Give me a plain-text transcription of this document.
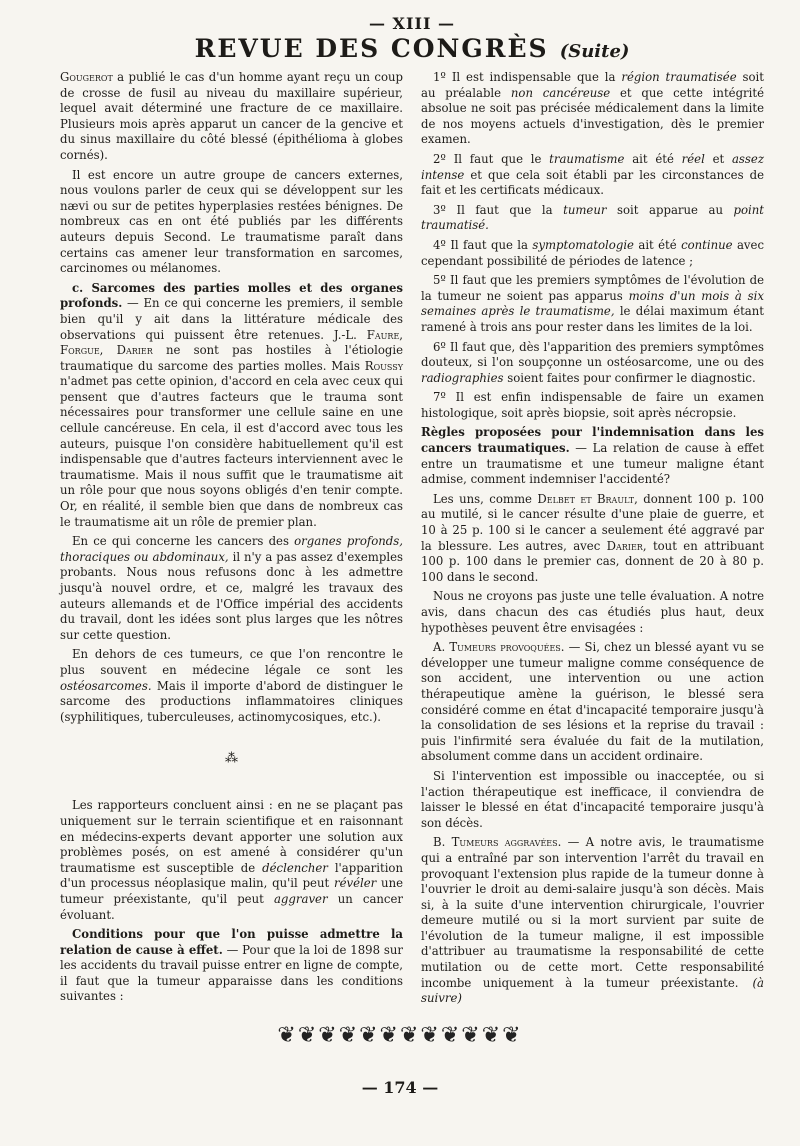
— XIII —
REVUE DES CONGRÈS (Suite)

Gougerot a publié le cas d'un homme ayant reçu un coup de crosse de fusil au niveau du maxillaire supérieur, lequel avait déterminé une fracture de ce maxillaire. Plusieurs mois après apparut un cancer de la gencive et du sinus maxillaire du côté blessé (épithélioma à globes cornés).

Il est encore un autre groupe de cancers externes, nous voulons parler de ceux qui se développent sur les nævi ou sur de petites hyperplasies restées bénignes. De nombreux cas en ont été publiés par les différents auteurs depuis Second. Le traumatisme paraît dans certains cas amener leur transformation en sarcomes, carcinomes ou mélanomes.

c. Sarcomes des parties molles et des organes profonds. — En ce qui concerne les premiers, il semble bien qu'il y ait dans la littérature médicale des observations qui puissent être retenues. J.-L. Faure, Forgue, Darier ne sont pas hostiles à l'étiologie traumatique du sarcome des parties molles. Mais Roussy n'admet pas cette opinion, d'accord en cela avec ceux qui pensent que d'autres facteurs que le trauma sont nécessaires pour transformer une cellule saine en une cellule cancéreuse. En cela, il est d'accord avec tous les auteurs, puisque l'on considère habituellement qu'il est indispensable que d'autres facteurs interviennent avec le traumatisme. Mais il nous suffit que le traumatisme ait un rôle pour que nous soyons obligés d'en tenir compte. Or, en réalité, il semble bien que dans de nombreux cas le traumatisme ait un rôle de premier plan.

En ce qui concerne les cancers des organes profonds, thoraciques ou abdominaux, il n'y a pas assez d'exemples probants. Nous nous refusons donc à les admettre jusqu'à nouvel ordre, et ce, malgré les travaux des auteurs allemands et de l'Office impérial des accidents du travail, dont les idées sont plus larges que les nôtres sur cette question.

En dehors de ces tumeurs, ce que l'on rencontre le plus souvent en médecine légale ce sont les ostéosarcomes. Mais il importe d'abord de distinguer le sarcome des productions inflammatoires cliniques (syphilitiques, tuberculeuses, actinomycosiques, etc.).

⁂

Les rapporteurs concluent ainsi : en ne se plaçant pas uniquement sur le terrain scientifique et en raisonnant en médecins-experts devant apporter une solution aux problèmes posés, on est amené à considérer qu'un traumatisme est susceptible de déclencher l'apparition d'un processus néoplasique malin, qu'il peut révéler une tumeur préexistante, qu'il peut aggraver un cancer évoluant.

Conditions pour que l'on puisse admettre la relation de cause à effet. — Pour que la loi de 1898 sur les accidents du travail puisse entrer en ligne de compte, il faut que la tumeur apparaisse dans les conditions suivantes :

1º Il est indispensable que la région traumatisée soit au préalable non cancéreuse et que cette intégrité absolue ne soit pas précisée médicalement dans la limite de nos moyens actuels d'investigation, dès le premier examen.

2º Il faut que le traumatisme ait été réel et assez intense et que cela soit établi par les circonstances de fait et les certificats médicaux.

3º Il faut que la tumeur soit apparue au point traumatisé.

4º Il faut que la symptomatologie ait été continue avec cependant possibilité de périodes de latence ;

5º Il faut que les premiers symptômes de l'évolution de la tumeur ne soient pas apparus moins d'un mois à six semaines après le traumatisme, le délai maximum étant ramené à trois ans pour rester dans les limites de la loi.

6º Il faut que, dès l'apparition des premiers symptômes douteux, si l'on soupçonne un ostéosarcome, une ou des radiographies soient faites pour confirmer le diagnostic.

7º Il est enfin indispensable de faire un examen histologique, soit après biopsie, soit après nécropsie.

Règles proposées pour l'indemnisation dans les cancers traumatiques. — La relation de cause à effet entre un traumatisme et une tumeur maligne étant admise, comment indemniser l'accidenté?

Les uns, comme Delbet et Brault, donnent 100 p. 100 au mutilé, si le cancer résulte d'une plaie de guerre, et 10 à 25 p. 100 si le cancer a seulement été aggravé par la blessure. Les autres, avec Darier, tout en attribuant 100 p. 100 dans le premier cas, donnent de 20 à 80 p. 100 dans le second.

Nous ne croyons pas juste une telle évaluation. A notre avis, dans chacun des cas étudiés plus haut, deux hypothèses peuvent être envisagées :

A. Tumeurs provoquées. — Si, chez un blessé ayant vu se développer une tumeur maligne comme conséquence de son accident, une intervention ou une action thérapeutique amène la guérison, le blessé sera considéré comme en état d'incapacité temporaire jusqu'à la consolidation de ses lésions et la reprise du travail : puis l'infirmité sera évaluée du fait de la mutilation, absolument comme dans un accident ordinaire.

Si l'intervention est impossible ou inacceptée, ou si l'action thérapeutique est inefficace, il conviendra de laisser le blessé en état d'incapacité temporaire jusqu'à son décès.

B. Tumeurs aggravées. — A notre avis, le traumatisme qui a entraîné par son intervention l'arrêt du travail en provoquant l'extension plus rapide de la tumeur donne à l'ouvrier le droit au demi-salaire jusqu'à son décès. Mais si, à la suite d'une intervention chirurgicale, l'ouvrier demeure mutilé ou si la mort survient par suite de l'évolution de la tumeur maligne, il est impossible d'attribuer au traumatisme la responsabilité de cette mutilation ou de cette mort. Cette responsabilité incombe uniquement à la tumeur préexistante. (à suivre)

❦❦❦❦❦❦❦❦❦❦❦❦
— 174 —
